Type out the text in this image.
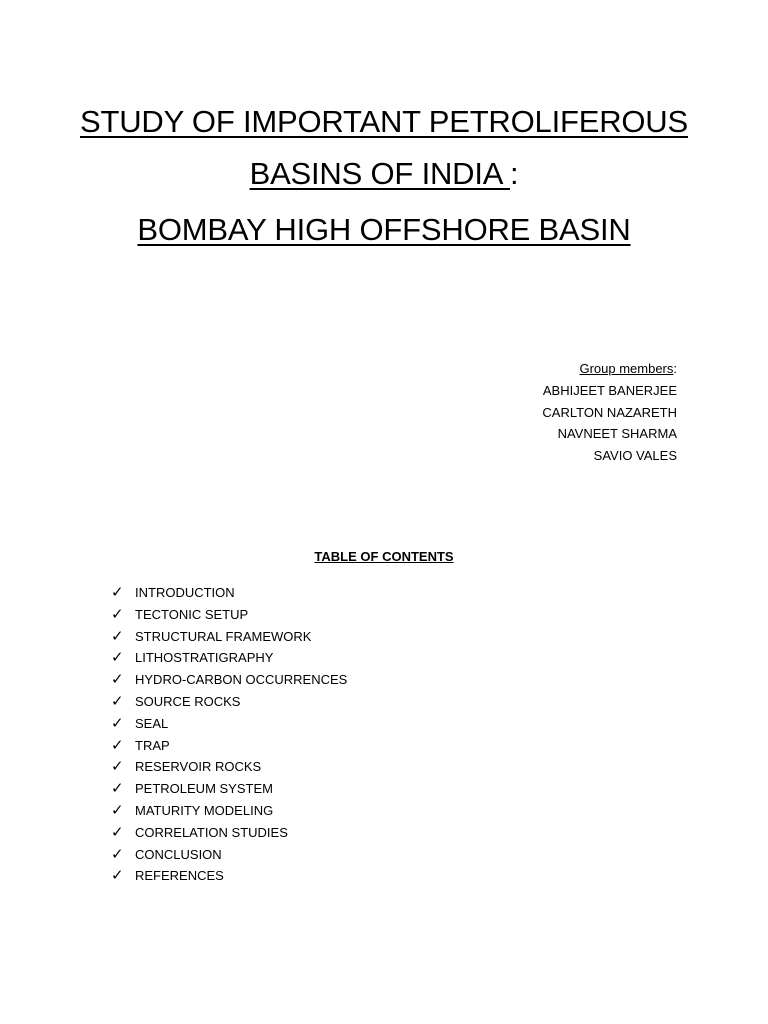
STUDY OF IMPORTANT PETROLIFEROUS

BASINS OF INDIA :

BOMBAY HIGH OFFSHORE BASIN

Group members:
ABHIJEET BANERJEE
CARLTON NAZARETH
NAVNEET SHARMA
SAVIO VALES

TABLE OF CONTENTS

✓ INTRODUCTION
✓ TECTONIC SETUP
✓ STRUCTURAL FRAMEWORK
✓ LITHOSTRATIGRAPHY
✓ HYDRO-CARBON OCCURRENCES
✓ SOURCE ROCKS
✓ SEAL
✓ TRAP
✓ RESERVOIR ROCKS
✓ PETROLEUM SYSTEM
✓ MATURITY MODELING
✓ CORRELATION STUDIES
✓ CONCLUSION
✓ REFERENCES
